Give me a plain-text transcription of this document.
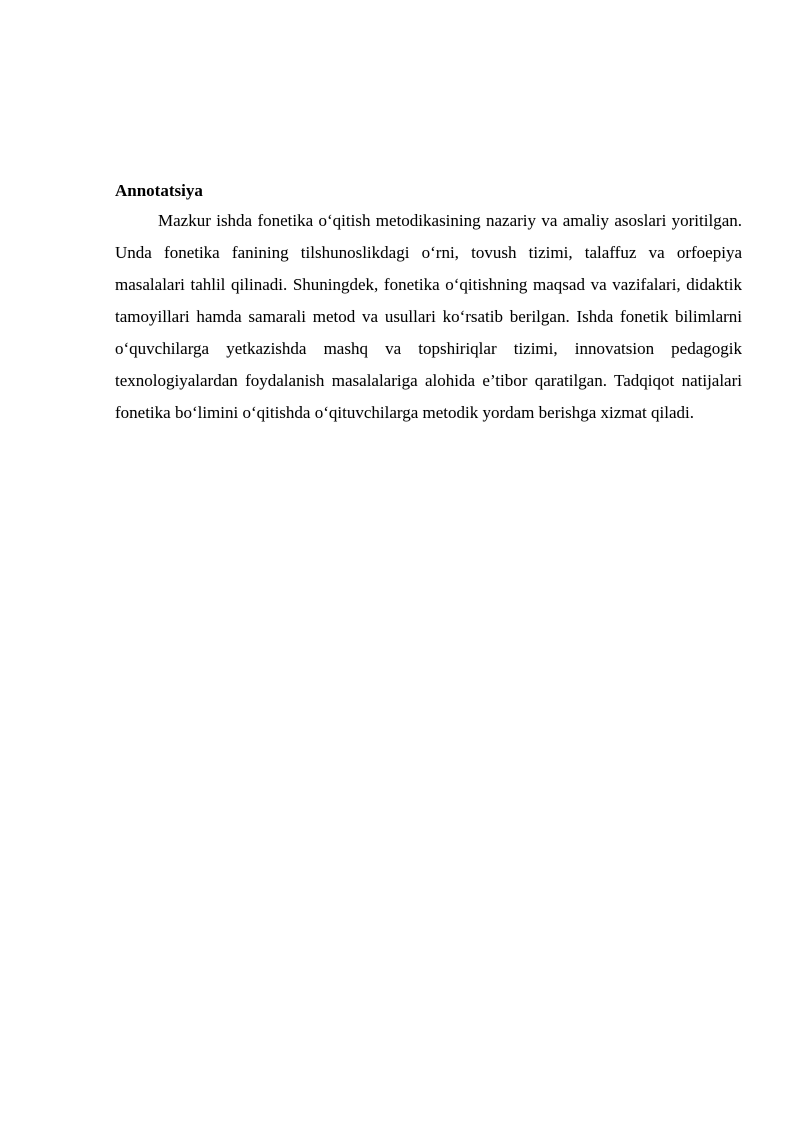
Annotatsiya

Mazkur ishda fonetika o‘qitish metodikasining nazariy va amaliy asoslari yoritilgan. Unda fonetika fanining tilshunoslikdagi o‘rni, tovush tizimi, talaffuz va orfoepiya masalalari tahlil qilinadi. Shuningdek, fonetika o‘qitishning maqsad va vazifalari, didaktik tamoyillari hamda samarali metod va usullari ko‘rsatib berilgan. Ishda fonetik bilimlarni o‘quvchilarga yetkazishda mashq va topshiriqlar tizimi, innovatsion pedagogik texnologiyalardan foydalanish masalalariga alohida e’tibor qaratilgan. Tadqiqot natijalari fonetika bo‘limini o‘qitishda o‘qituvchilarga metodik yordam berishga xizmat qiladi.
